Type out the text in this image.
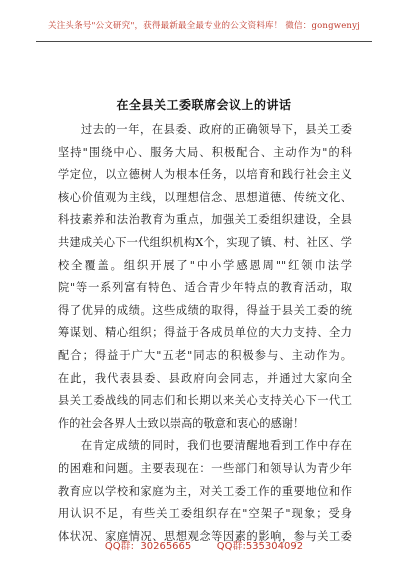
关注头条号"公文研究"，获得最新最全最专业的公文资料库！ 微信：gongwenyj
在全县关工委联席会议上的讲话
过去的一年，在县委、政府的正确领导下，县关工委
坚持"围绕中心、服务大局、积极配合、主动作为"的科
学定位，以立德树人为根本任务，以培育和践行社会主义
核心价值观为主线，以理想信念、思想道德、传统文化、
科技素养和法治教育为重点，加强关工委组织建设，全县
共建成关心下一代组织机构X个，实现了镇、村、社区、学
校全覆盖。组织开展了"中小学感恩周""红领巾法学
院"等一系列富有特色、适合青少年特点的教育活动，取
得了优异的成绩。这些成绩的取得，得益于县关工委的统
筹谋划、精心组织；得益于各成员单位的大力支持、全力
配合；得益于广大"五老"同志的积极参与、主动作为。
在此，我代表县委、县政府向会同志，并通过大家向全
县关工委战线的同志们和长期以来关心支持关心下一代工
作的社会各界人士致以崇高的敬意和衷心的感谢！
在肯定成绩的同时，我们也要清醒地看到工作中存在
的困难和问题。主要表现在：一些部门和领导认为青少年
教育应以学校和家庭为主，对关工委工作的重要地位和作
用认识不足，有些关工委组织存在"空架子"现象；受身
体状况、家庭情况、思想观念等因素的影响，参与关工委
QQ群:  30265665        QQ群:535304092
